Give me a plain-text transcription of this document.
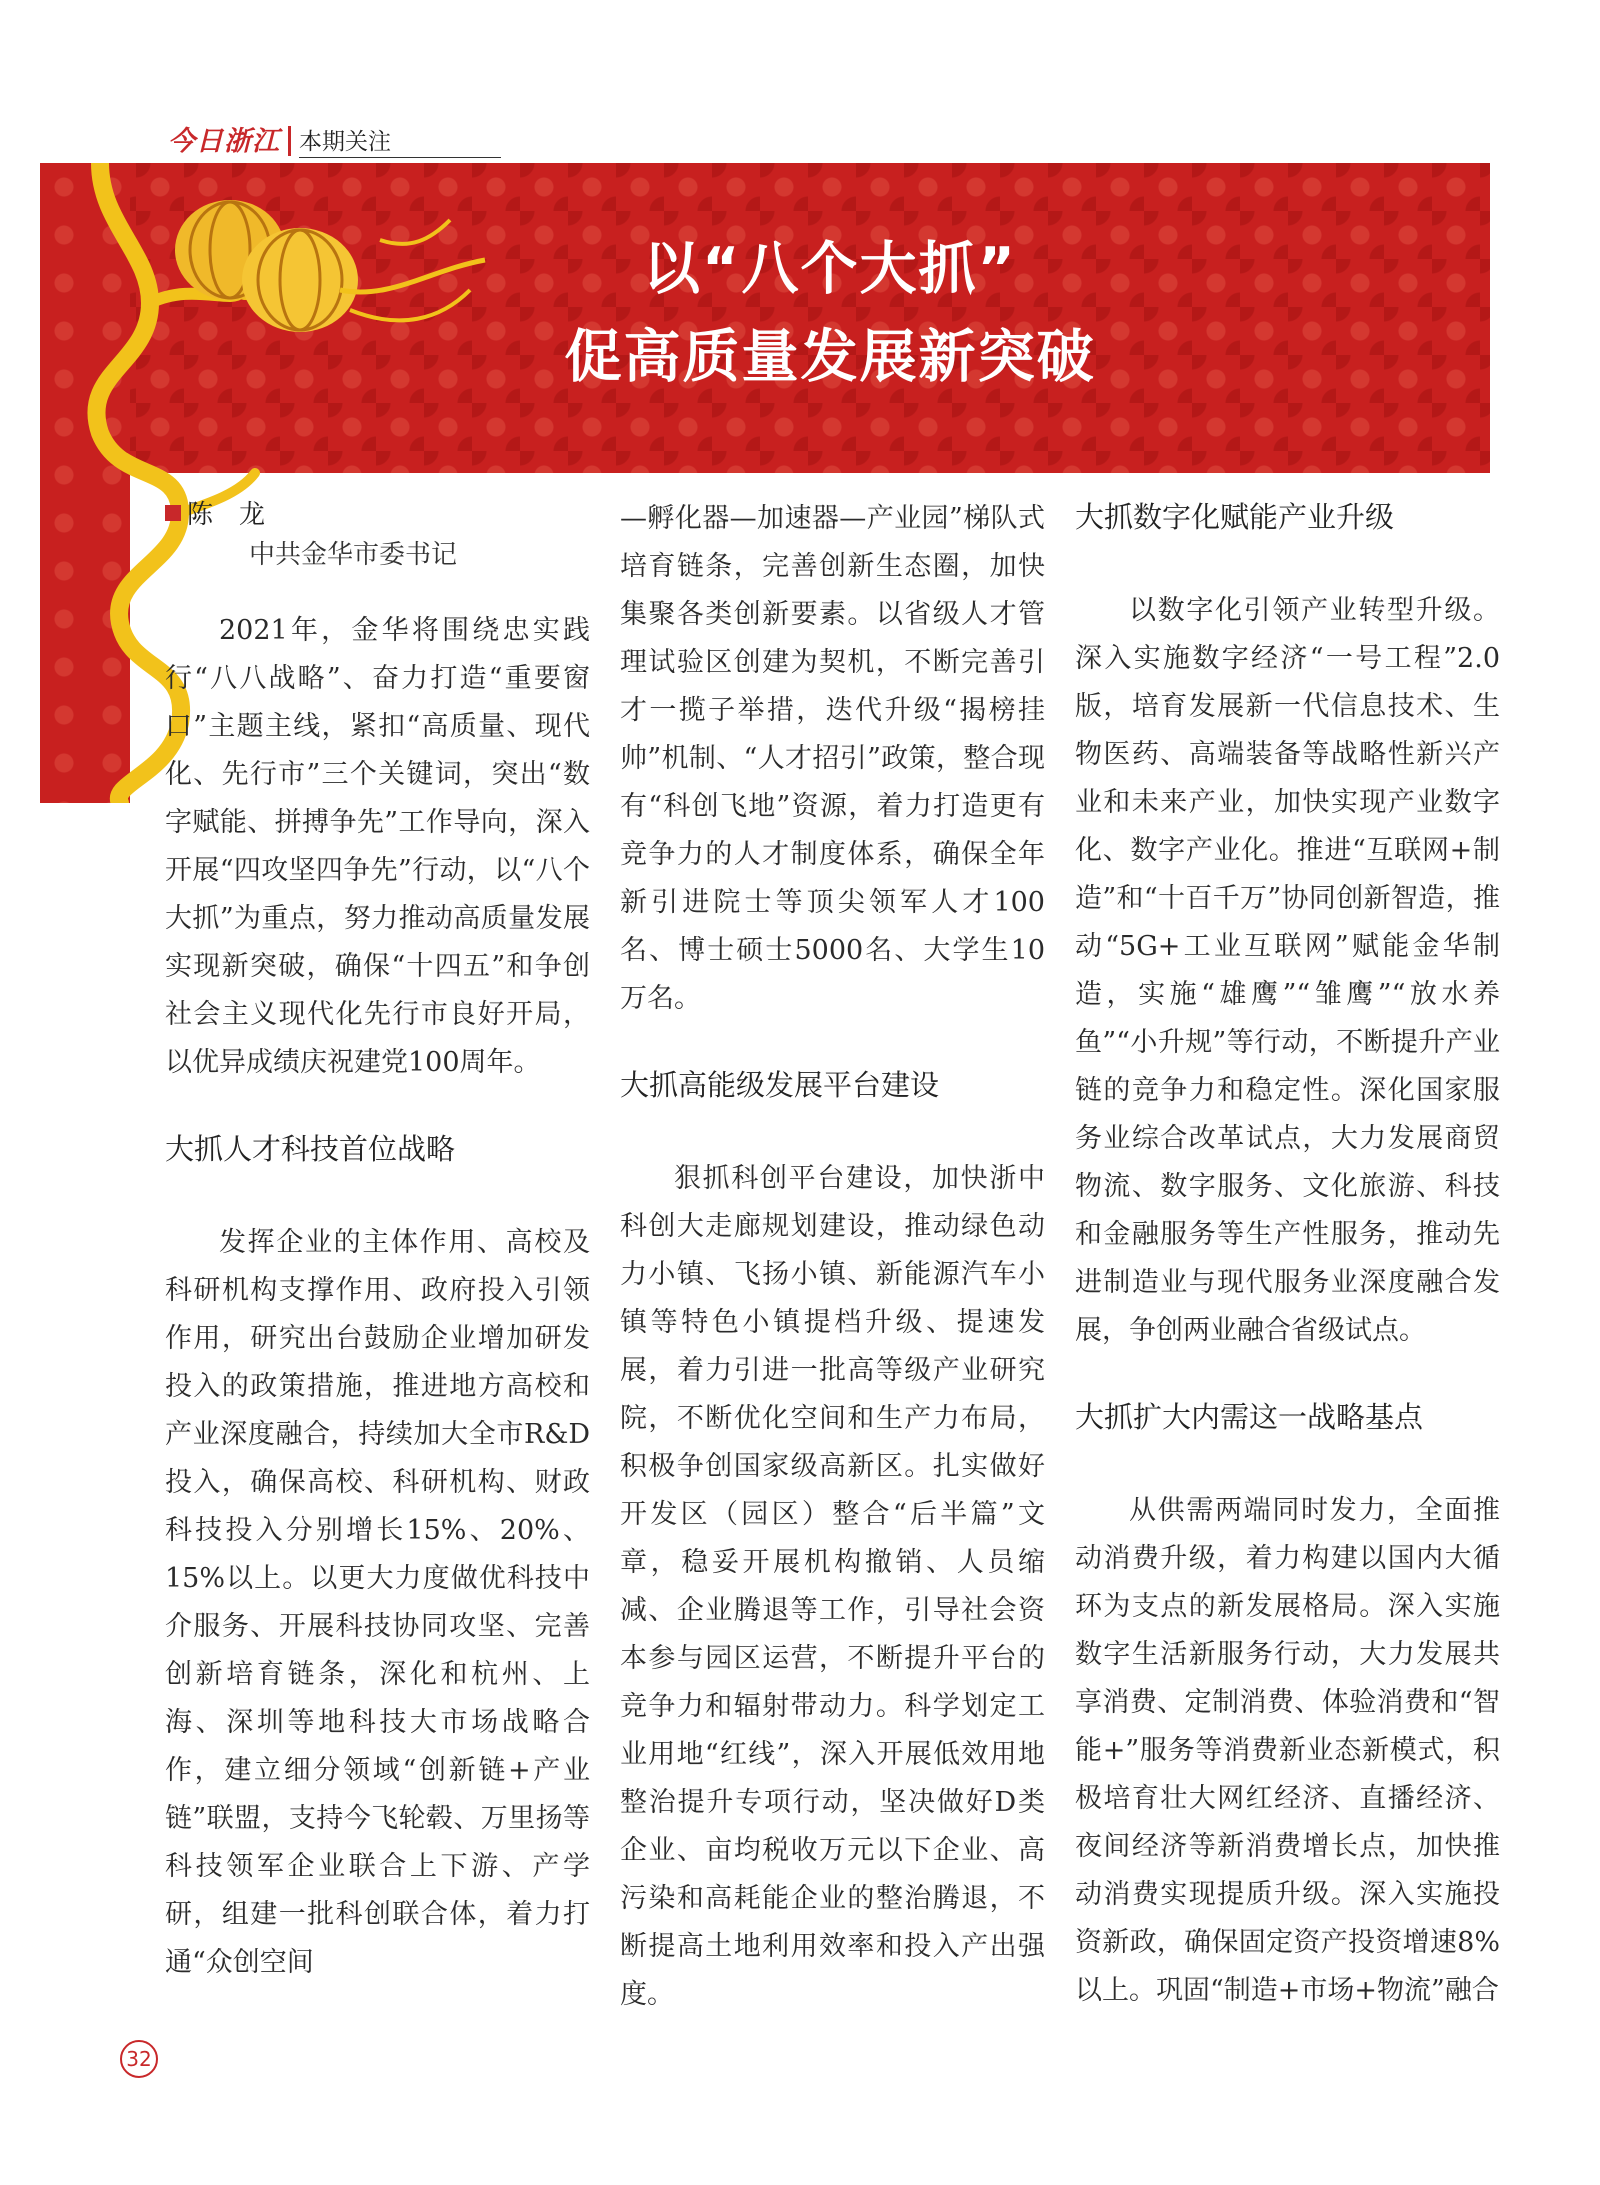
今日浙江 本期关注
以“八个大抓”
促高质量发展新突破
陈　龙
中共金华市委书记

2021年，金华将围绕忠实践行“八八战略”、奋力打造“重要窗口”主题主线，紧扣“高质量、现代化、先行市”三个关键词，突出“数字赋能、拼搏争先”工作导向，深入开展“四攻坚四争先”行动，以“八个大抓”为重点，努力推动高质量发展实现新突破，确保“十四五”和争创社会主义现代化先行市良好开局，以优异成绩庆祝建党100周年。

大抓人才科技首位战略

发挥企业的主体作用、高校及科研机构支撑作用、政府投入引领作用，研究出台鼓励企业增加研发投入的政策措施，推进地方高校和产业深度融合，持续加大全市R&D投入，确保高校、科研机构、财政科技投入分别增长15%、20%、15%以上。以更大力度做优科技中介服务、开展科技协同攻坚、完善创新培育链条，深化和杭州、上海、深圳等地科技大市场战略合作，建立细分领域“创新链+产业链”联盟，支持今飞轮毂、万里扬等科技领军企业联合上下游、产学研，组建一批科创联合体，着力打通“众创空间

—孵化器—加速器—产业园”梯队式培育链条，完善创新生态圈，加快集聚各类创新要素。以省级人才管理试验区创建为契机，不断完善引才一揽子举措，迭代升级“揭榜挂帅”机制、“人才招引”政策，整合现有“科创飞地”资源，着力打造更有竞争力的人才制度体系，确保全年新引进院士等顶尖领军人才100名、博士硕士5000名、大学生10万名。

大抓高能级发展平台建设

狠抓科创平台建设，加快浙中科创大走廊规划建设，推动绿色动力小镇、飞扬小镇、新能源汽车小镇等特色小镇提档升级、提速发展，着力引进一批高等级产业研究院，不断优化空间和生产力布局，积极争创国家级高新区。扎实做好开发区（园区）整合“后半篇”文章，稳妥开展机构撤销、人员缩减、企业腾退等工作，引导社会资本参与园区运营，不断提升平台的竞争力和辐射带动力。科学划定工业用地“红线”，深入开展低效用地整治提升专项行动，坚决做好D类企业、亩均税收万元以下企业、高污染和高耗能企业的整治腾退，不断提高土地利用效率和投入产出强度。

大抓数字化赋能产业升级

以数字化引领产业转型升级。深入实施数字经济“一号工程”2.0版，培育发展新一代信息技术、生物医药、高端装备等战略性新兴产业和未来产业，加快实现产业数字化、数字产业化。推进“互联网+制造”和“十百千万”协同创新智造，推动“5G+工业互联网”赋能金华制造，实施“雄鹰”“雏鹰”“放水养鱼”“小升规”等行动，不断提升产业链的竞争力和稳定性。深化国家服务业综合改革试点，大力发展商贸物流、数字服务、文化旅游、科技和金融服务等生产性服务，推动先进制造业与现代服务业深度融合发展，争创两业融合省级试点。

大抓扩大内需这一战略基点

从供需两端同时发力，全面推动消费升级，着力构建以国内大循环为支点的新发展格局。深入实施数字生活新服务行动，大力发展共享消费、定制消费、体验消费和“智能+”服务等消费新业态新模式，积极培育壮大网红经济、直播经济、夜间经济等新消费增长点，加快推动消费实现提质升级。深入实施投资新政，确保固定资产投资增速8%以上。巩固“制造+市场+物流”融合

32
